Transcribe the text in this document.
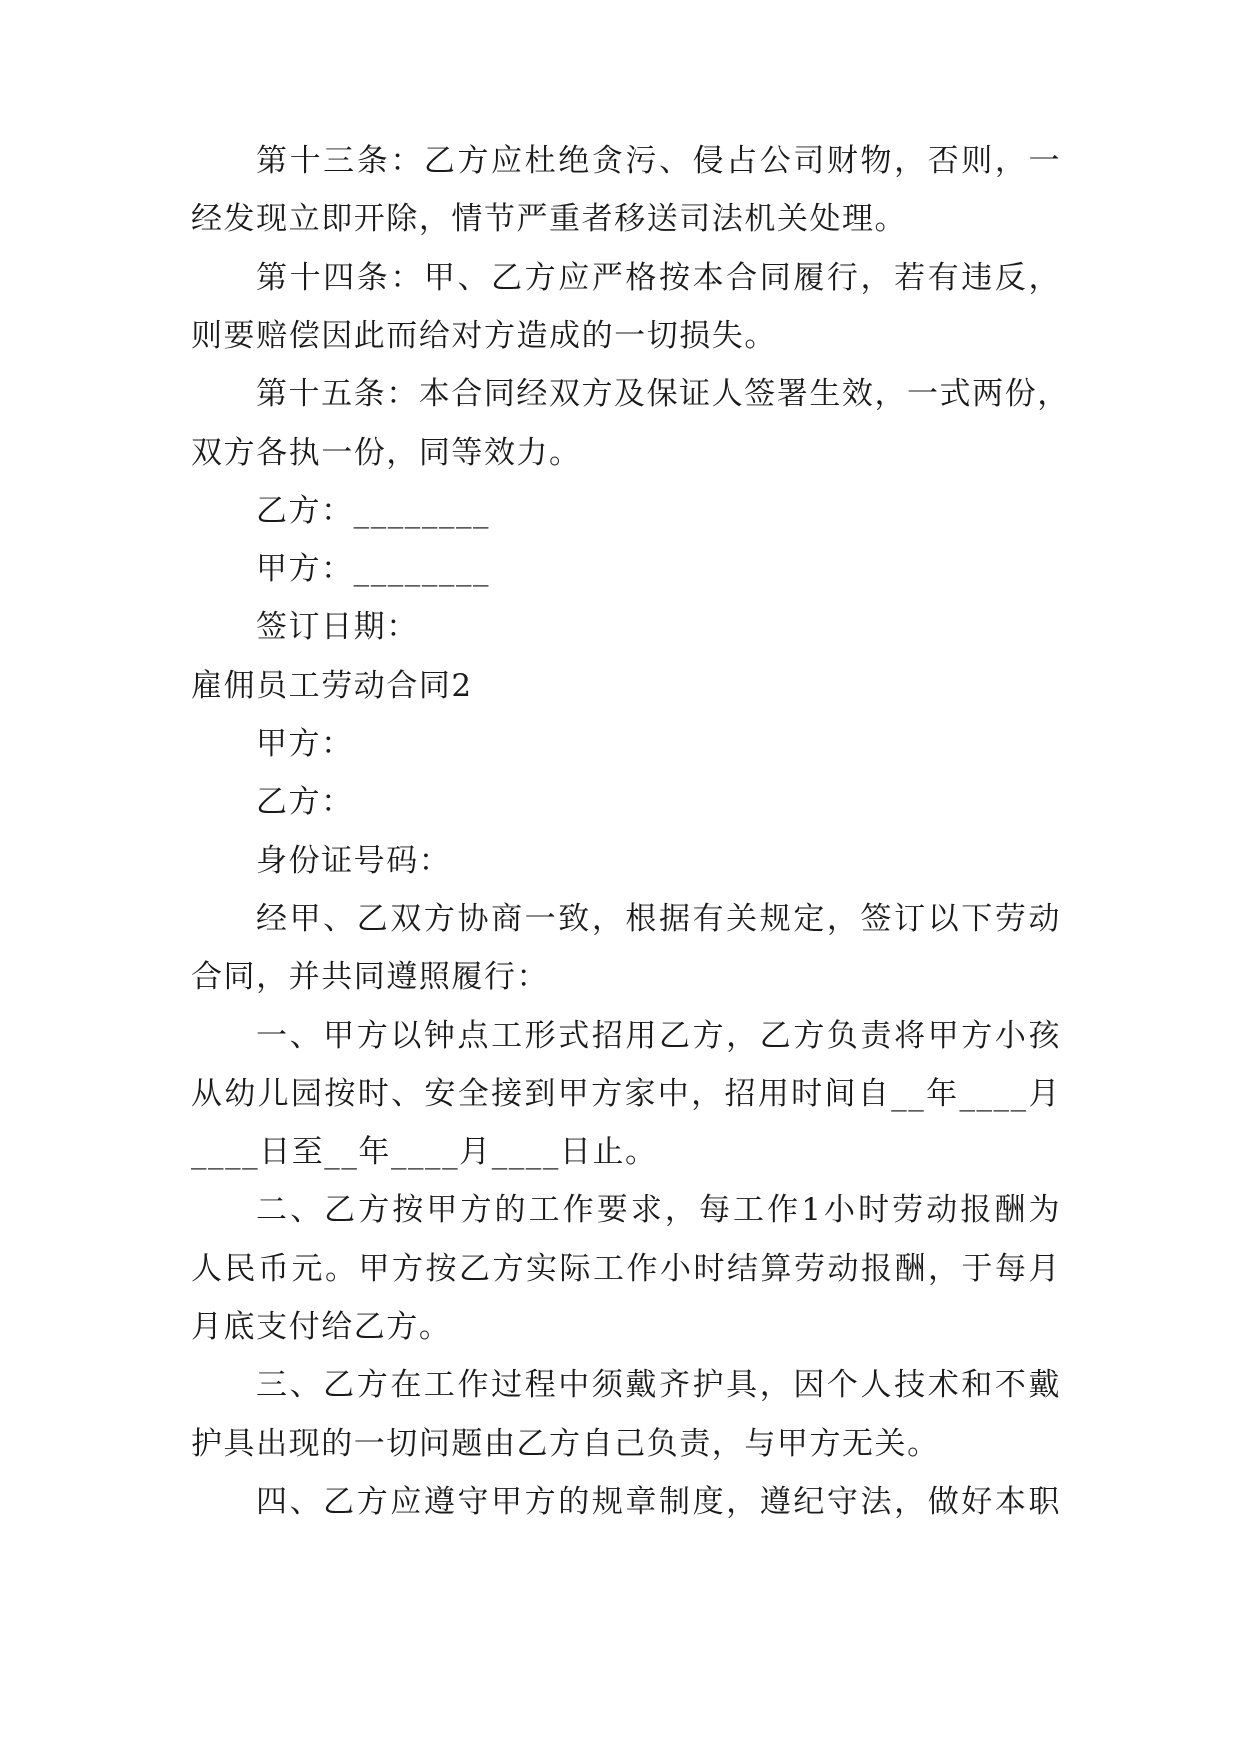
第十三条：乙方应杜绝贪污、侵占公司财物，否则，一
经发现立即开除，情节严重者移送司法机关处理。
第十四条：甲、乙方应严格按本合同履行，若有违反，
则要赔偿因此而给对方造成的一切损失。
第十五条：本合同经双方及保证人签署生效，一式两份，
双方各执一份，同等效力。
乙方：________
甲方：________
签订日期：
雇佣员工劳动合同2
甲方：
乙方：
身份证号码：
经甲、乙双方协商一致，根据有关规定，签订以下劳动
合同，并共同遵照履行：
一、甲方以钟点工形式招用乙方，乙方负责将甲方小孩
从幼儿园按时、安全接到甲方家中，招用时间自__年____月
____日至__年____月____日止。
二、乙方按甲方的工作要求，每工作1小时劳动报酬为
人民币元。甲方按乙方实际工作小时结算劳动报酬，于每月
月底支付给乙方。
三、乙方在工作过程中须戴齐护具，因个人技术和不戴
护具出现的一切问题由乙方自己负责，与甲方无关。
四、乙方应遵守甲方的规章制度，遵纪守法，做好本职
